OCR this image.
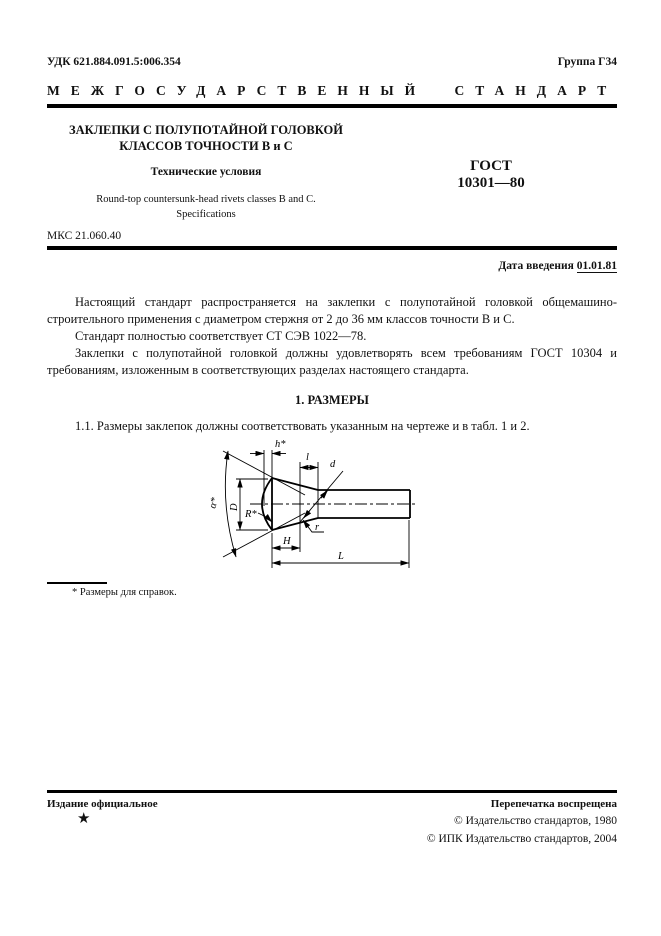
УДК 621.884.091.5:006.354	Группа Г34
МЕЖГОСУДАРСТВЕННЫЙ СТАНДАРТ
ЗАКЛЕПКИ С ПОЛУПОТАЙНОЙ ГОЛОВКОЙ
КЛАССОВ ТОЧНОСТИ В и С
Технические условия
Round-top countersunk-head rivets classes B and C.
Specifications
ГОСТ
10301—80
МКС 21.060.40
Дата введения 01.01.81

Настоящий стандарт распространяется на заклепки с полупотайной головкой общемашино-строительного применения с диаметром стержня от 2 до 36 мм классов точности В и С.

Стандарт полностью соответствует СТ СЭВ 1022—78.

Заклепки с полупотайной головкой должны удовлетворять всем требованиям ГОСТ 10304 и требованиям, изложенным в соответствующих разделах настоящего стандарта.

1. РАЗМЕРЫ
1.1. Размеры заклепок должны соответствовать указанным на чертеже и в табл. 1 и 2.
h*
l
d
α* D
R*
r
H
L
* Размеры для справок.
Издание официальное	Перепечатка воспрещена
★	© Издательство стандартов, 1980
© ИПК Издательство стандартов, 2004
